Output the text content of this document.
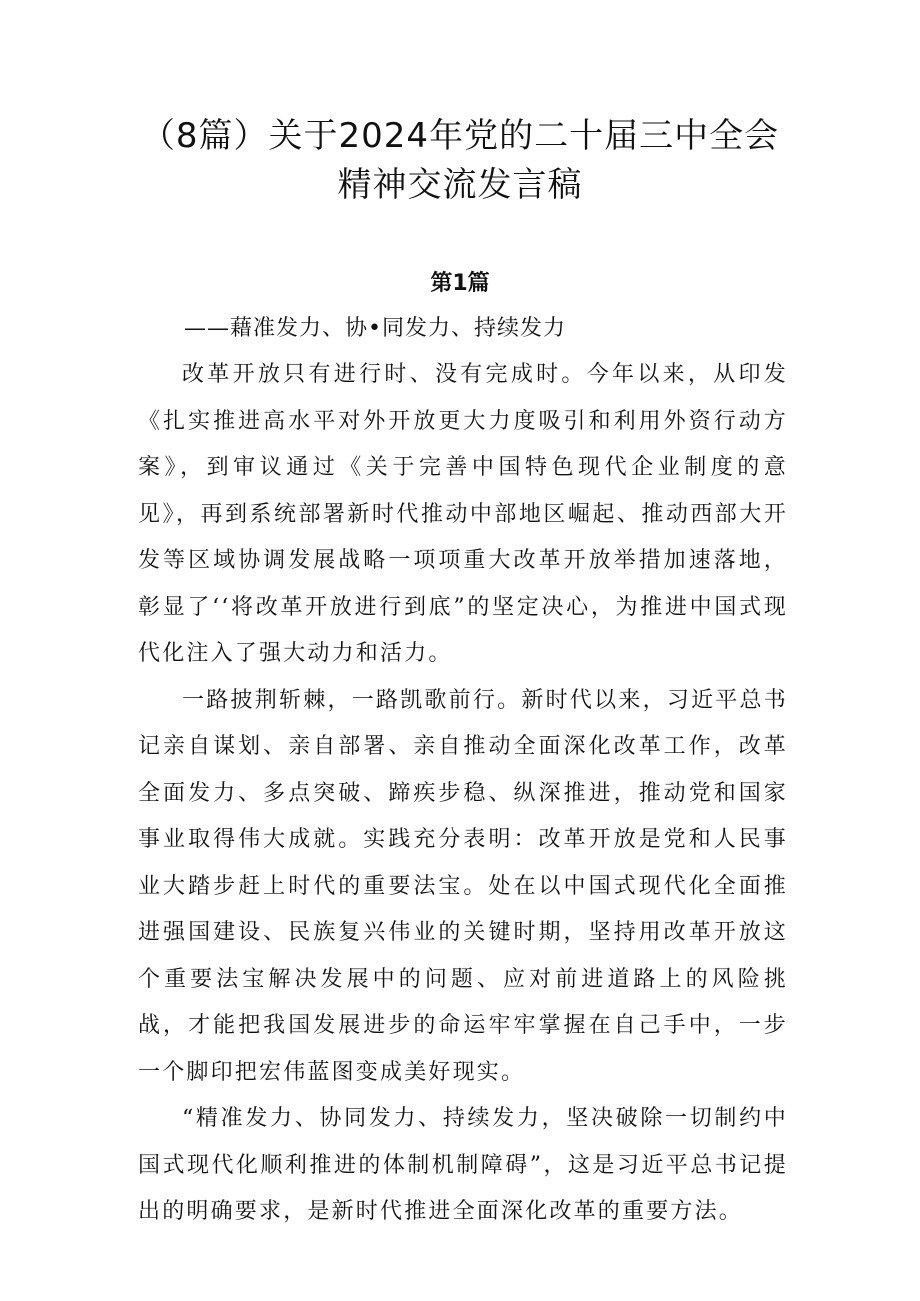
（8篇）关于2024年党的二十届三中全会
精神交流发言稿
第1篇
——藉准发力、协•同发力、持续发力

改革开放只有进行时、没有完成时。今年以来，从印发《扎实推进高水平对外开放更大力度吸引和利用外资行动方案》，到审议通过《关于完善中国特色现代企业制度的意见》，再到系统部署新时代推动中部地区崛起、推动西部大开发等区域协调发展战略一项项重大改革开放举措加速落地，彰显了‘‘将改革开放进行到底”的坚定决心，为推进中国式现代化注入了强大动力和活力。

一路披荆斩棘，一路凯歌前行。新时代以来，习近平总书记亲自谋划、亲自部署、亲自推动全面深化改革工作，改革全面发力、多点突破、蹄疾步稳、纵深推进，推动党和国家事业取得伟大成就。实践充分表明：改革开放是党和人民事业大踏步赶上时代的重要法宝。处在以中国式现代化全面推进强国建设、民族复兴伟业的关键时期，坚持用改革开放这个重要法宝解决发展中的问题、应对前进道路上的风险挑战，才能把我国发展进步的命运牢牢掌握在自己手中，一步一个脚印把宏伟蓝图变成美好现实。

“精准发力、协同发力、持续发力，坚决破除一切制约中国式现代化顺利推进的体制机制障碍”，这是习近平总书记提出的明确要求，是新时代推进全面深化改革的重要方法。
